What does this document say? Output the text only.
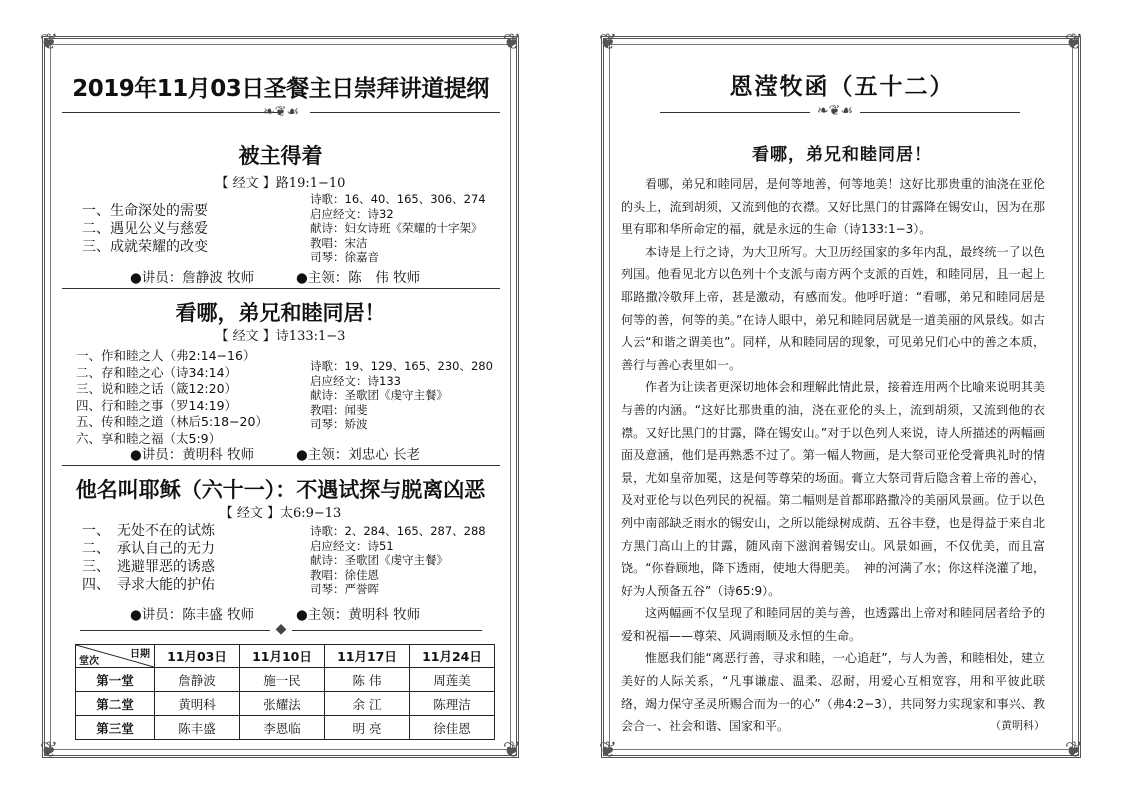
❦	❦
❦	❦
2019年11月03日圣餐主日崇拜讲道提纲
❧❦☙
被主得着
【 经文 】路19:1−10
一、生命深处的需要
二、遇见公义与慈爱
三、成就荣耀的改变
诗歌：16、40、165、306、274
启应经文：诗32
献诗：妇女诗班《荣耀的十字架》
教唱：宋洁
司琴：徐嘉音
●讲员：詹静波 牧师	●主领：陈　伟 牧师
看哪，弟兄和睦同居！
【 经文 】诗133:1−3
一、作和睦之人（弗2:14−16）
二、存和睦之心（诗34:14）
三、说和睦之话（箴12:20）
四、行和睦之事（罗14:19）
五、传和睦之道（林后5:18−20）
六、享和睦之福（太5:9）
诗歌：19、129、165、230、280
启应经文：诗133
献诗：圣歌团《虔守主餐》
教唱：闻斐
司琴：矫波
●讲员：黄明科 牧师	●主领：刘忠心 长老
他名叫耶稣（六十一）：不遇试探与脱离凶恶
【 经文 】太6:9−13
一、　无处不在的试炼
二、　承认自己的无力
三、　逃避罪恶的诱惑
四、　寻求大能的护佑
诗歌：2、284、165、287、288
启应经文：诗51
献诗：圣歌团《虔守主餐》
教唱：徐佳恩
司琴：严誉晖
●讲员：陈丰盛 牧师	●主领：黄明科 牧师
◆
日期
堂次	11月03日	11月10日	11月17日	11月24日
第一堂	詹静波	施一民	陈 伟	周莲美
第二堂	黄明科	张耀法	余 江	陈理洁
第三堂	陈丰盛	李恩临	明 亮	徐佳恩
❦	❦
❦	❦
恩滢牧函（五十二）
❧❦☙
看哪，弟兄和睦同居！

看哪，弟兄和睦同居，是何等地善，何等地美！这好比那贵重的油浇在亚伦的头上，流到胡须，又流到他的衣襟。又好比黑门的甘露降在锡安山，因为在那里有耶和华所命定的福，就是永远的生命（诗133:1−3）。

本诗是上行之诗，为大卫所写。大卫历经国家的多年内乱，最终统一了以色列国。他看见北方以色列十个支派与南方两个支派的百姓，和睦同居，且一起上耶路撒冷敬拜上帝，甚是激动，有感而发。他呼吁道：“看哪，弟兄和睦同居是何等的善，何等的美。”在诗人眼中，弟兄和睦同居就是一道美丽的风景线。如古人云“和谐之谓美也”。同样，从和睦同居的现象，可见弟兄们心中的善之本质，善行与善心表里如一。

作者为让读者更深切地体会和理解此情此景，接着连用两个比喻来说明其美与善的内涵。“这好比那贵重的油，浇在亚伦的头上，流到胡须，又流到他的衣襟。又好比黑门的甘露，降在锡安山。”对于以色列人来说，诗人所描述的两幅画面及意涵，他们是再熟悉不过了。第一幅人物画，是大祭司亚伦受膏典礼时的情景，尤如皇帝加冕，这是何等尊荣的场面。膏立大祭司背后隐含着上帝的善心，及对亚伦与以色列民的祝福。第二幅则是首都耶路撒冷的美丽风景画。位于以色列中南部缺乏雨水的锡安山，之所以能绿树成荫、五谷丰登，也是得益于来自北方黑门高山上的甘露，随风南下滋润着锡安山。风景如画，不仅优美，而且富饶。“你眷顾地，降下透雨，使地大得肥美。　神的河满了水；你这样浇灌了地，好为人预备五谷”（诗65:9）。

这两幅画不仅呈现了和睦同居的美与善，也透露出上帝对和睦同居者给予的爱和祝福——尊荣、风调雨顺及永恒的生命。

惟愿我们能“离恶行善，寻求和睦，一心追赶”，与人为善，和睦相处，建立美好的人际关系，“凡事谦虚、温柔、忍耐，用爱心互相宽容，用和平彼此联络，竭力保守圣灵所赐合而为一的心”（弗4:2−3），共同努力实现家和事兴、教会合一、社会和谐、国家和平。	（黄明科）
